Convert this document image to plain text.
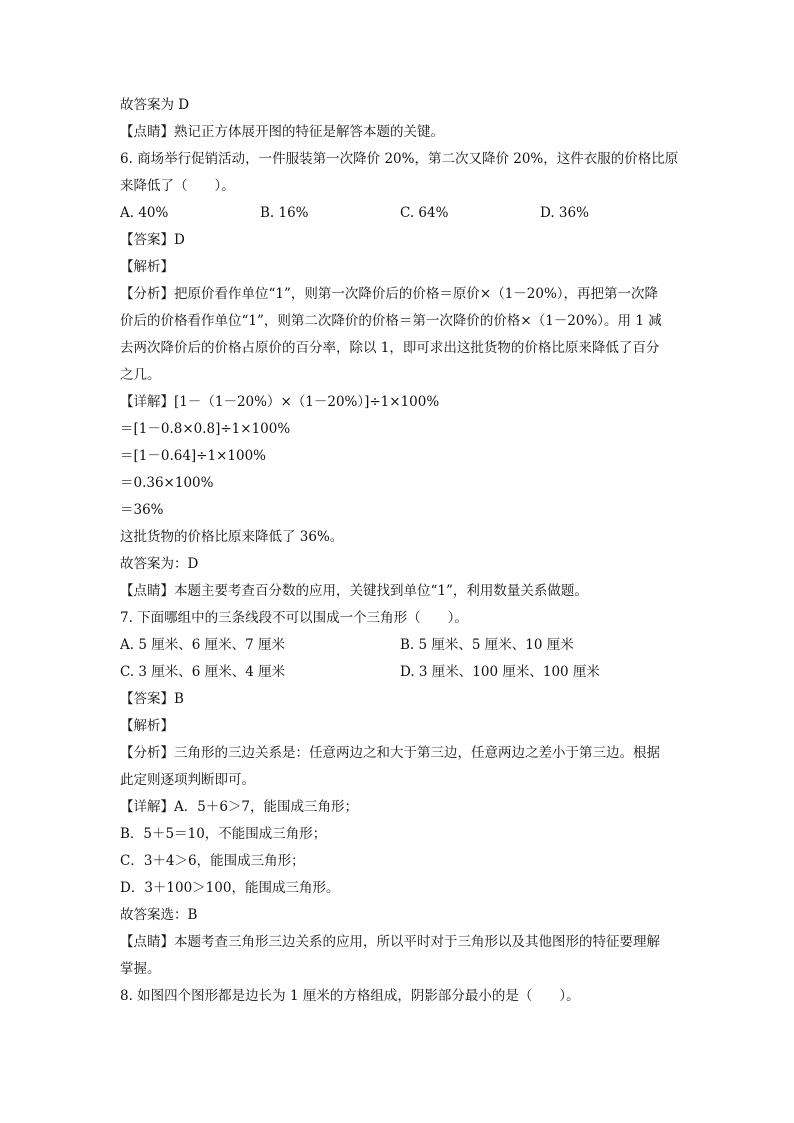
故答案为 D
【点睛】熟记正方体展开图的特征是解答本题的关键。
6. 商场举行促销活动，一件服装第一次降价 20%，第二次又降价 20%，这件衣服的价格比原
来降低了（　　）。
A. 40%	B. 16%	C. 64%	D. 36%
【答案】D
【解析】
【分析】把原价看作单位“1”，则第一次降价后的价格＝原价×（1－20%），再把第一次降
价后的价格看作单位“1”，则第二次降价的价格＝第一次降价的价格×（1－20%）。用 1 减
去两次降价后的价格占原价的百分率，除以 1，即可求出这批货物的价格比原来降低了百分
之几。
【详解】[1－（1－20%）×（1－20%）]÷1×100%
＝[1－0.8×0.8]÷1×100%
＝[1－0.64]÷1×100%
＝0.36×100%
＝36%
这批货物的价格比原来降低了 36%。
故答案为：D
【点睛】本题主要考查百分数的应用，关键找到单位“1”，利用数量关系做题。
7. 下面哪组中的三条线段不可以围成一个三角形（　　）。
A. 5 厘米、6 厘米、7 厘米	B. 5 厘米、5 厘米、10 厘米
C. 3 厘米、6 厘米、4 厘米	D. 3 厘米、100 厘米、100 厘米
【答案】B
【解析】
【分析】三角形的三边关系是：任意两边之和大于第三边，任意两边之差小于第三边。根据
此定则逐项判断即可。
【详解】A．5＋6＞7，能围成三角形；
B．5＋5＝10，不能围成三角形；
C．3＋4＞6，能围成三角形；
D．3＋100＞100，能围成三角形。
故答案选：B
【点睛】本题考查三角形三边关系的应用，所以平时对于三角形以及其他图形的特征要理解
掌握。
8. 如图四个图形都是边长为 1 厘米的方格组成，阴影部分最小的是（　　）。
